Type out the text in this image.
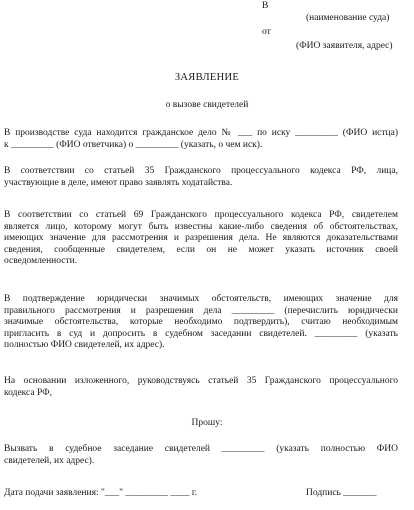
В
(наименование суда)
от
(ФИО заявителя, адрес)
ЗАЯВЛЕНИЕ
о вызове свидетелей
В производстве суда находится гражданское дело № ___ по иску _________ (ФИО истца)
к _________ (ФИО ответчика) о _________ (указать, о чем иск).
В соответствии со статьей 35 Гражданского процессуального кодекса РФ, лица,
участвующие в деле, имеют право заявлять ходатайства.
В соответствии со статьей 69 Гражданского процессуального кодекса РФ, свидетелем
является лицо, которому могут быть известны какие-либо сведения об обстоятельствах,
имеющих значение для рассмотрения и разрешения дела. Не являются доказательствами
сведения, сообщенные свидетелем, если он не может указать источник своей
осведомленности.
В подтверждение юридически значимых обстоятельств, имеющих значение для
правильного рассмотрения и разрешения дела _________ (перечислить юридически
значимые обстоятельства, которые необходимо подтвердить), считаю необходимым
пригласить в суд и допросить в судебном заседании свидетелей. _________ (указать
полностью ФИО свидетелей, их адрес).
На основании изложенного, руководствуясь статьей 35 Гражданского процессуального
кодекса РФ,
Прошу:
Вызвать в судебное заседание свидетелей _________ (указать полностью ФИО
свидетелей, их адрес).
Дата подачи заявления: "___" _________ ____ г.	Подпись _______
